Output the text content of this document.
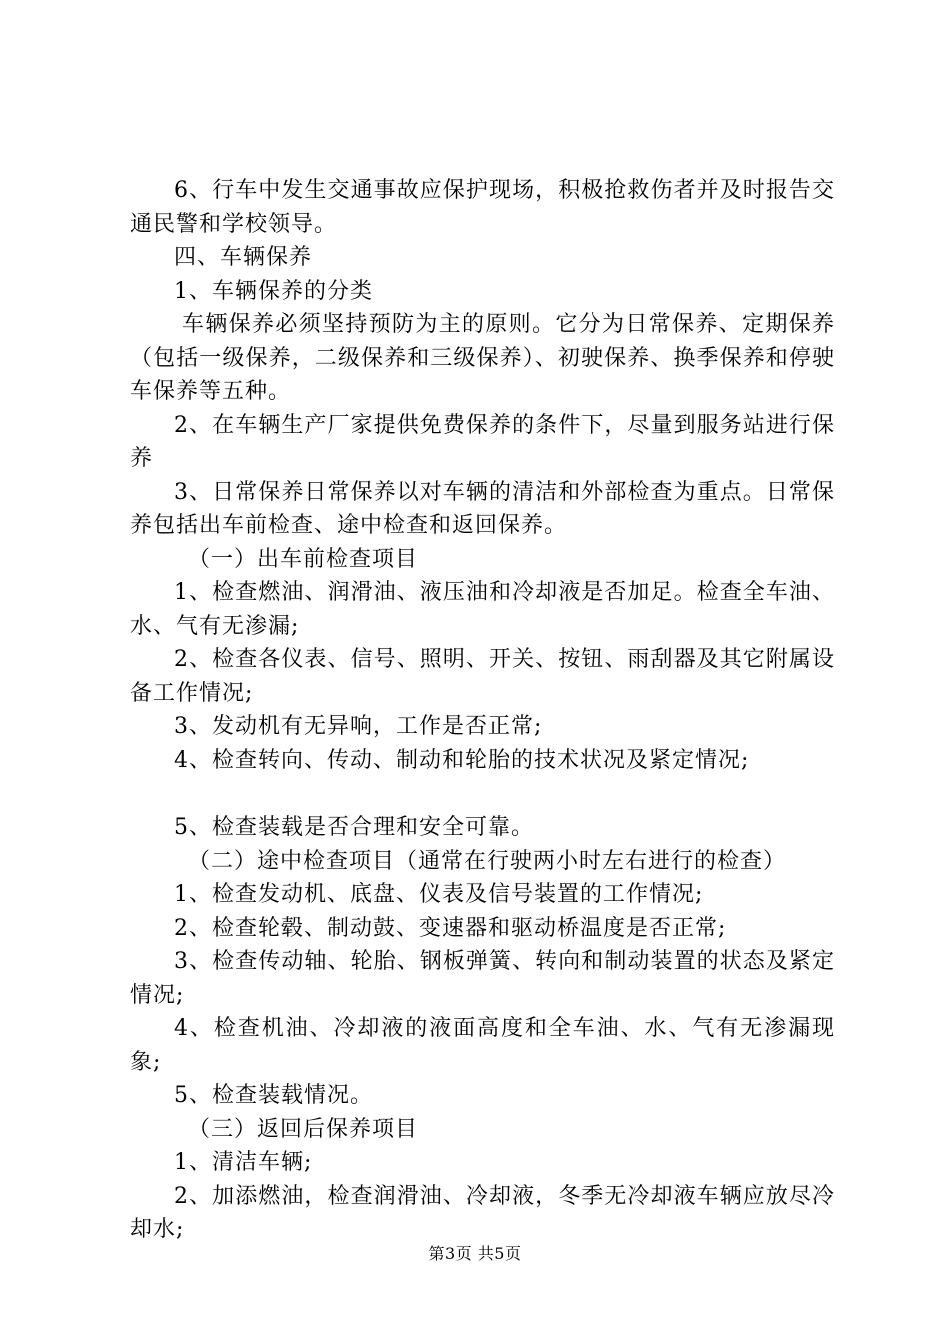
6、行车中发生交通事故应保护现场，积极抢救伤者并及时报告交通民警和学校领导。

四、车辆保养

1、车辆保养的分类

车辆保养必须坚持预防为主的原则。它分为日常保养、定期保养（包括一级保养，二级保养和三级保养）、初驶保养、换季保养和停驶车保养等五种。

2、在车辆生产厂家提供免费保养的条件下，尽量到服务站进行保养

3、日常保养日常保养以对车辆的清洁和外部检查为重点。日常保养包括出车前检查、途中检查和返回保养。

（一）出车前检查项目

1、检查燃油、润滑油、液压油和冷却液是否加足。检查全车油、水、气有无渗漏;

2、检查各仪表、信号、照明、开关、按钮、雨刮器及其它附属设备工作情况;

3、发动机有无异响，工作是否正常;

4、检查转向、传动、制动和轮胎的技术状况及紧定情况;

5、检查装载是否合理和安全可靠。

（二）途中检查项目（通常在行驶两小时左右进行的检查）

1、检查发动机、底盘、仪表及信号装置的工作情况;

2、检查轮毂、制动鼓、变速器和驱动桥温度是否正常;

3、检查传动轴、轮胎、钢板弹簧、转向和制动装置的状态及紧定情况;

4、检查机油、冷却液的液面高度和全车油、水、气有无渗漏现象;

5、检查装载情况。

（三）返回后保养项目

1、清洁车辆;

2、加添燃油，检查润滑油、冷却液，冬季无冷却液车辆应放尽冷却水;

第3页 共5页
